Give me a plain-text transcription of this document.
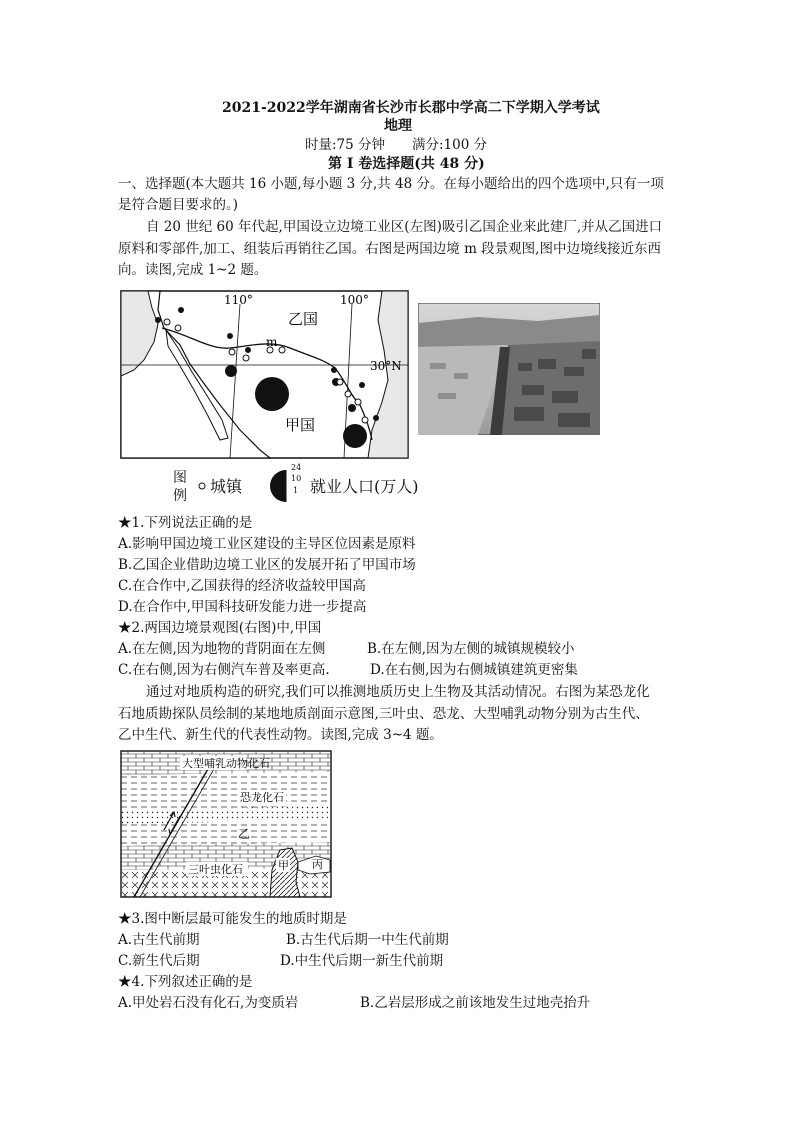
2021-2022学年湖南省长沙市长郡中学高二下学期入学考试
地理
时量:75 分钟 满分:100 分
第 I 卷选择题(共 48 分)
一、选择题(本大题共 16 小题,每小题 3 分,共 48 分。在每小题给出的四个选项中,只有一项
是符合题目要求的。)
自 20 世纪 60 年代起,甲国设立边境工业区(左图)吸引乙国企业来此建厂,并从乙国进口
原料和零部件,加工、组装后再销往乙国。右图是两国边境 m 段景观图,图中边境线接近东西
向。读图,完成 1~2 题。
110°	100°
30°N
乙国
甲国
m
图
例 城镇
24
10
1 就业人口(万人)
★1.下列说法正确的是
A.影响甲国边境工业区建设的主导区位因素是原料
B.乙国企业借助边境工业区的发展开拓了甲国市场
C.在合作中,乙国获得的经济收益较甲国高
D.在合作中,甲国科技研发能力进一步提高
★2.两国边境景观图(右图)中,甲国
A.在左侧,因为地物的背阴面在左侧	B.在左侧,因为左侧的城镇规模较小
C.在右侧,因为右侧汽车普及率更高.	D.在右侧,因为右侧城镇建筑更密集
通过对地质构造的研究,我们可以推测地质历史上生物及其活动情况。右图为某恐龙化
石地质勘探队员绘制的某地地质剖面示意图,三叶虫、恐龙、大型哺乳动物分别为古生代、
乙中生代、新生代的代表性动物。读图,完成 3~4 题。
大型哺乳动物化石
恐龙化石
乙
三叶虫化石	甲 丙
★3.图中断层最可能发生的地质时期是
A.古生代前期	B.古生代后期一中生代前期
C.新生代后期	D.中生代后期一新生代前期
★4.下列叙述正确的是
A.甲处岩石没有化石,为变质岩	B.乙岩层形成之前该地发生过地壳抬升
